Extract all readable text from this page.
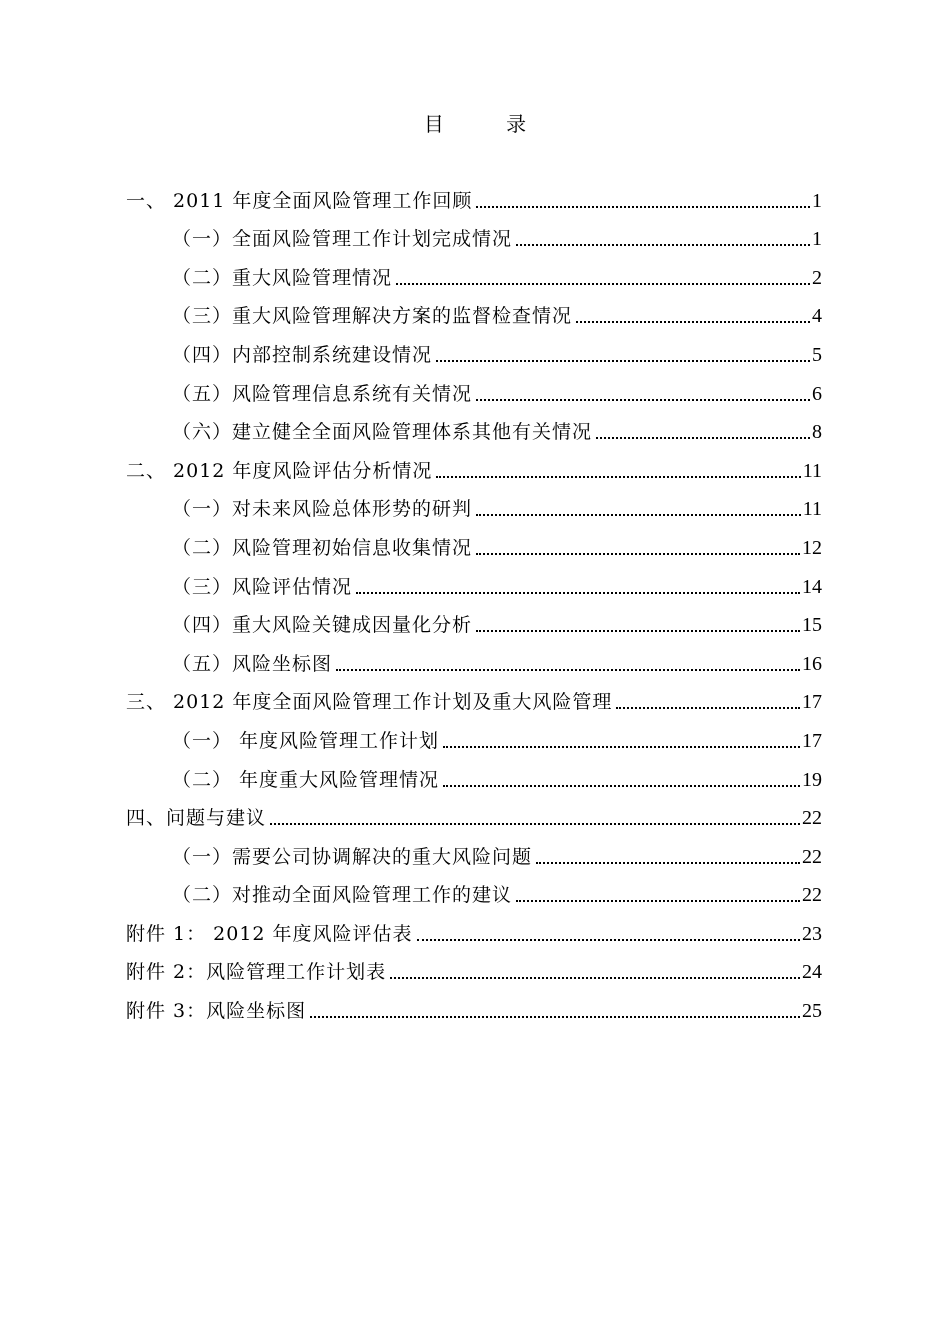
目 录
一、 2011 年度全面风险管理工作回顾	1
（一）全面风险管理工作计划完成情况	1
（二）重大风险管理情况	2
（三）重大风险管理解决方案的监督检查情况	4
（四）内部控制系统建设情况	5
（五）风险管理信息系统有关情况	6
（六）建立健全全面风险管理体系其他有关情况	8
二、 2012 年度风险评估分析情况	11
（一）对未来风险总体形势的研判	11
（二）风险管理初始信息收集情况	12
（三）风险评估情况	14
（四）重大风险关键成因量化分析	15
（五）风险坐标图	16
三、 2012 年度全面风险管理工作计划及重大风险管理	17
（一） 年度风险管理工作计划	17
（二） 年度重大风险管理情况	19
四、问题与建议	22
（一）需要公司协调解决的重大风险问题	22
（二）对推动全面风险管理工作的建议	22
附件 1： 2012 年度风险评估表	23
附件 2：风险管理工作计划表	24
附件 3：风险坐标图	25
